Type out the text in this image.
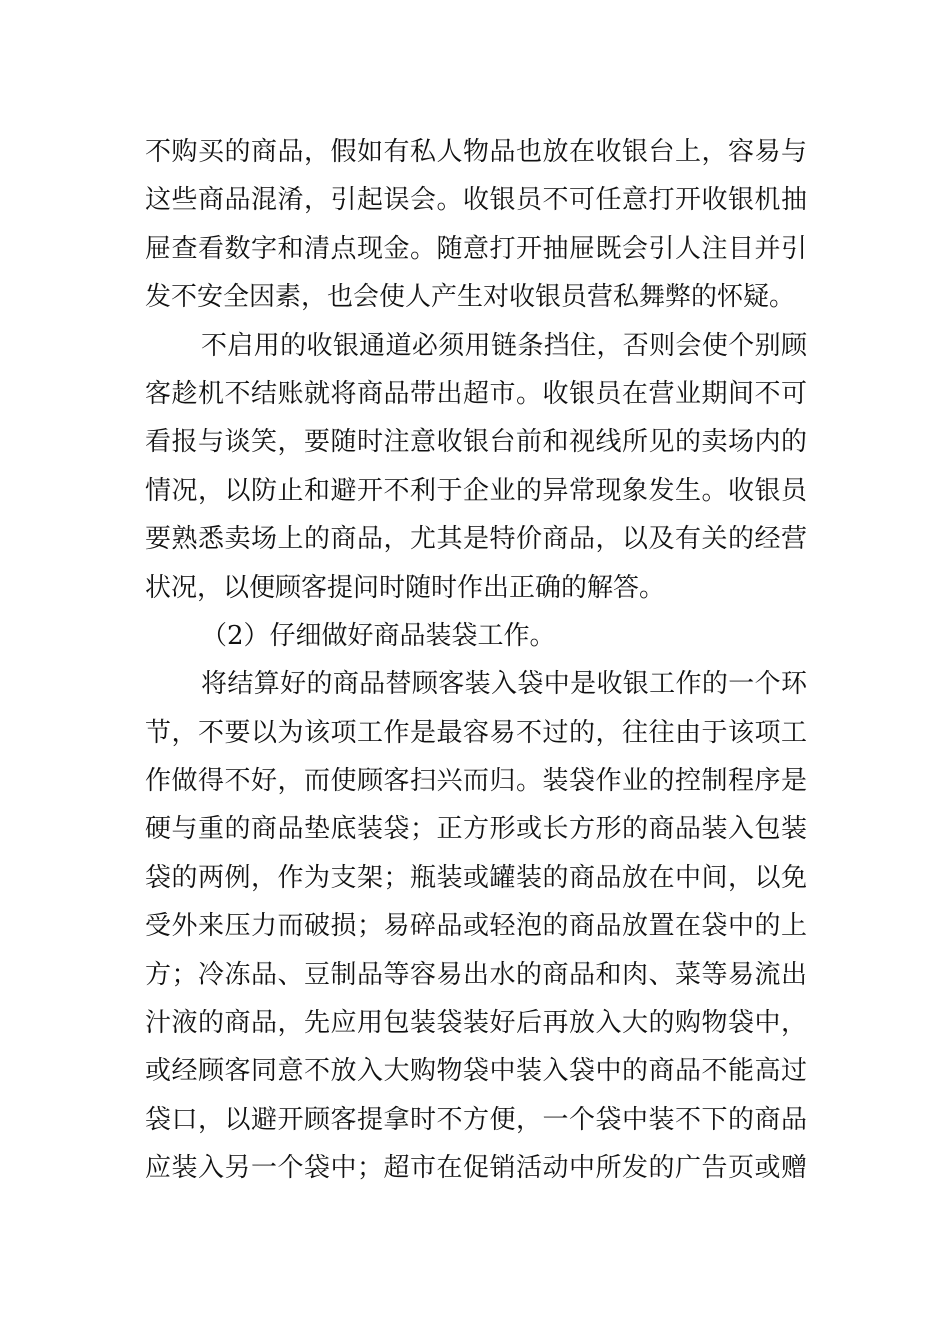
不购买的商品，假如有私人物品也放在收银台上，容易与
这些商品混淆，引起误会。收银员不可任意打开收银机抽
屉查看数字和清点现金。随意打开抽屉既会引人注目并引
发不安全因素，也会使人产生对收银员营私舞弊的怀疑。
不启用的收银通道必须用链条挡住，否则会使个别顾
客趁机不结账就将商品带出超市。收银员在营业期间不可
看报与谈笑，要随时注意收银台前和视线所见的卖场内的
情况，以防止和避开不利于企业的异常现象发生。收银员
要熟悉卖场上的商品，尤其是特价商品，以及有关的经营
状况，以便顾客提问时随时作出正确的解答。
（2）仔细做好商品装袋工作。
将结算好的商品替顾客装入袋中是收银工作的一个环
节，不要以为该项工作是最容易不过的，往往由于该项工
作做得不好，而使顾客扫兴而归。装袋作业的控制程序是
硬与重的商品垫底装袋；正方形或长方形的商品装入包装
袋的两例，作为支架；瓶装或罐装的商品放在中间，以免
受外来压力而破损；易碎品或轻泡的商品放置在袋中的上
方；冷冻品、豆制品等容易出水的商品和肉、菜等易流出
汁液的商品，先应用包装袋装好后再放入大的购物袋中，
或经顾客同意不放入大购物袋中装入袋中的商品不能高过
袋口，以避开顾客提拿时不方便，一个袋中装不下的商品
应装入另一个袋中；超市在促销活动中所发的广告页或赠
